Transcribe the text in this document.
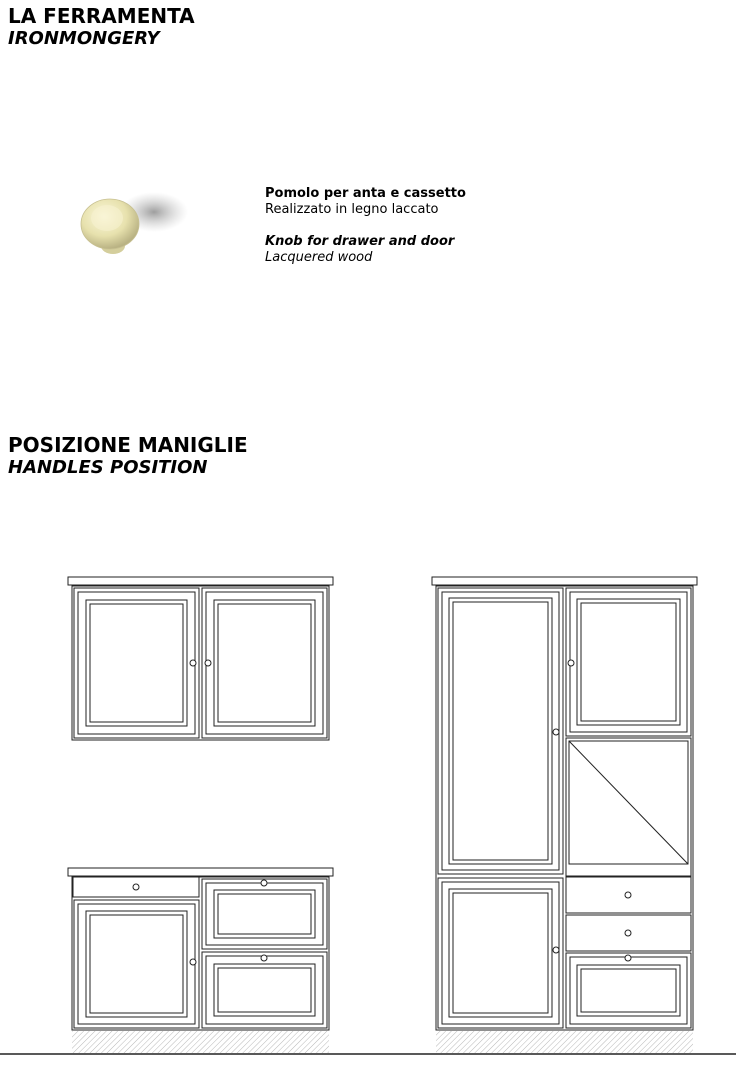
LA FERRAMENTA
IRONMONGERY
Pomolo per anta e cassetto
Realizzato in legno laccato
Knob for drawer and door
Lacquered wood
POSIZIONE MANIGLIE
HANDLES POSITION
